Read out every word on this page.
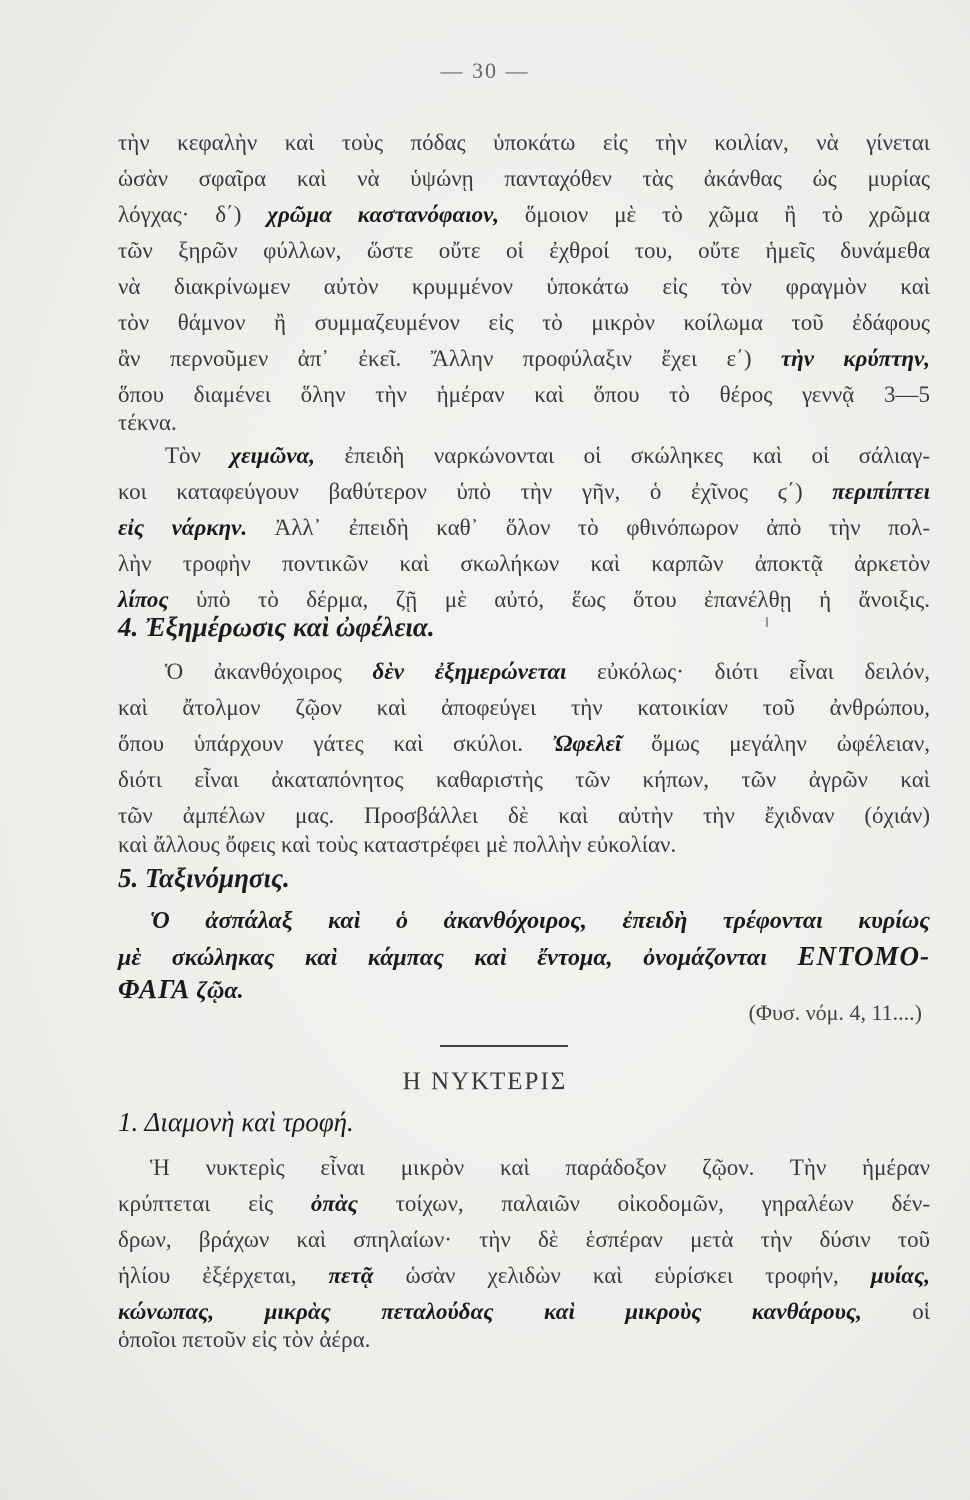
— 30 —
τὴν κεφαλὴν καὶ τοὺς πόδας ὑποκάτω εἰς τὴν κοιλίαν, νὰ γίνεται
ὡσὰν σφαῖρα καὶ νὰ ὑψώνῃ πανταχόθεν τὰς ἀκάνθας ὡς μυρίας
λόγχας· δ΄) χρῶμα καστανόφαιον, ὅμοιον μὲ τὸ χῶμα ἢ τὸ χρῶμα
τῶν ξηρῶν φύλλων, ὥστε οὔτε οἱ ἐχθροί του, οὔτε ἡμεῖς δυνάμεθα
νὰ διακρίνωμεν αὐτὸν κρυμμένον ὑποκάτω εἰς τὸν φραγμὸν καὶ
τὸν θάμνον ἢ συμμαζευμένον εἰς τὸ μικρὸν κοίλωμα τοῦ ἐδάφους
ἂν περνοῦμεν ἀπ᾽ ἐκεῖ. Ἄλλην προφύλαξιν ἔχει ε΄) τὴν κρύπτην,
ὅπου διαμένει ὅλην τὴν ἡμέραν καὶ ὅπου τὸ θέρος γεννᾷ 3—5
τέκνα.
Τὸν χειμῶνα, ἐπειδὴ ναρκώνονται οἱ σκώληκες καὶ οἱ σάλιαγ-
κοι καταφεύγουν βαθύτερον ὑπὸ τὴν γῆν, ὁ ἐχῖνος ϛ΄) περιπίπτει
εἰς νάρκην. Ἀλλ᾽ ἐπειδὴ καθ᾽ ὅλον τὸ φθινόπωρον ἀπὸ τὴν πολ-
λὴν τροφὴν ποντικῶν καὶ σκωλήκων καὶ καρπῶν ἀποκτᾷ ἀρκετὸν
λίπος ὑπὸ τὸ δέρμα, ζῇ μὲ αὐτό, ἕως ὅτου ἐπανέλθῃ ἡ ἄνοιξις.
4. Ἐξημέρωσις καὶ ὠφέλεια.
Ὁ ἀκανθόχοιρος δὲν ἐξημερώνεται εὐκόλως· διότι εἶναι δειλόν,
καὶ ἄτολμον ζῷον καὶ ἀποφεύγει τὴν κατοικίαν τοῦ ἀνθρώπου,
ὅπου ὑπάρχουν γάτες καὶ σκύλοι. Ὠφελεῖ ὅμως μεγάλην ὠφέλειαν,
διότι εἶναι ἀκαταπόνητος καθαριστὴς τῶν κήπων, τῶν ἀγρῶν καὶ
τῶν ἀμπέλων μας. Προσβάλλει δὲ καὶ αὐτὴν τὴν ἔχιδναν (όχιάν)
καὶ ἄλλους ὄφεις καὶ τοὺς καταστρέφει μὲ πολλὴν εὐκολίαν.
5. Ταξινόμησις.
Ὁ ἀσπάλαξ καὶ ὁ ἀκανθόχοιρος, ἐπειδὴ τρέφονται κυρίως
μὲ σκώληκας καὶ κάμπας καὶ ἔντομα, ὀνομάζονται ΕΝΤΟΜΟ-
ΦΑΓΑ ζῷα.
(Φυσ. νόμ. 4, 11....)
Η ΝΥΚΤΕΡΙΣ
1. Διαμονὴ καὶ τροφή.
Ἡ νυκτερὶς εἶναι μικρὸν καὶ παράδοξον ζῷον. Τὴν ἡμέραν
κρύπτεται εἰς ὀπὰς τοίχων, παλαιῶν οἰκοδομῶν, γηραλέων δέν-
δρων, βράχων καὶ σπηλαίων· τὴν δὲ ἑσπέραν μετὰ τὴν δύσιν τοῦ
ἡλίου ἐξέρχεται, πετᾷ ὡσὰν χελιδὼν καὶ εὑρίσκει τροφήν, μυίας,
κώνωπας, μικρὰς πεταλούδας καὶ μικροὺς κανθάρους, οἱ
ὁποῖοι πετοῦν εἰς τὸν ἀέρα.
